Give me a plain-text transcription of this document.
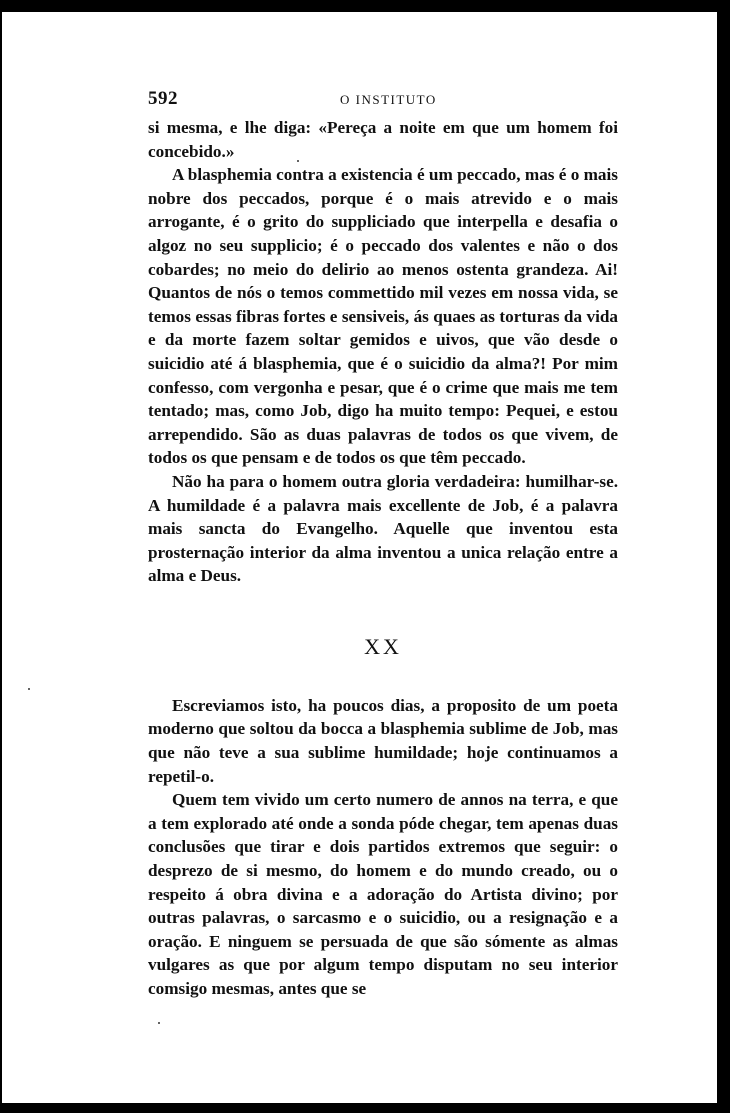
592	O INSTITUTO

si mesma, e lhe diga: «Pereça a noite em que um homem foi concebido.»

A blasphemia contra a existencia é um peccado, mas é o mais nobre dos peccados, porque é o mais atrevido e o mais arrogante, é o grito do suppliciado que interpella e desafia o algoz no seu supplicio; é o peccado dos valentes e não o dos cobardes; no meio do delirio ao menos ostenta grandeza. Ai! Quantos de nós o temos commettido mil vezes em nossa vida, se temos essas fibras fortes e sensiveis, ás quaes as torturas da vida e da morte fazem soltar gemidos e uivos, que vão desde o suicidio até á blasphemia, que é o suicidio da alma?! Por mim confesso, com vergonha e pesar, que é o crime que mais me tem tentado; mas, como Job, digo ha muito tempo: Pequei, e estou arrependido. São as duas palavras de todos os que vivem, de todos os que pensam e de todos os que têm peccado.

Não ha para o homem outra gloria verdadeira: humilhar-se. A humildade é a palavra mais excellente de Job, é a palavra mais sancta do Evangelho. Aquelle que inventou esta prosternação interior da alma inventou a unica relação entre a alma e Deus.

XX

Escreviamos isto, ha poucos dias, a proposito de um poeta moderno que soltou da bocca a blasphemia sublime de Job, mas que não teve a sua sublime humildade; hoje continuamos a repetil-o.

Quem tem vivido um certo numero de annos na terra, e que a tem explorado até onde a sonda póde chegar, tem apenas duas conclusões que tirar e dois partidos extremos que seguir: o desprezo de si mesmo, do homem e do mundo creado, ou o respeito á obra divina e a adoração do Artista divino; por outras palavras, o sarcasmo e o suicidio, ou a resignação e a oração. E ninguem se persuada de que são sómente as almas vulgares as que por algum tempo disputam no seu interior comsigo mesmas, antes que se
